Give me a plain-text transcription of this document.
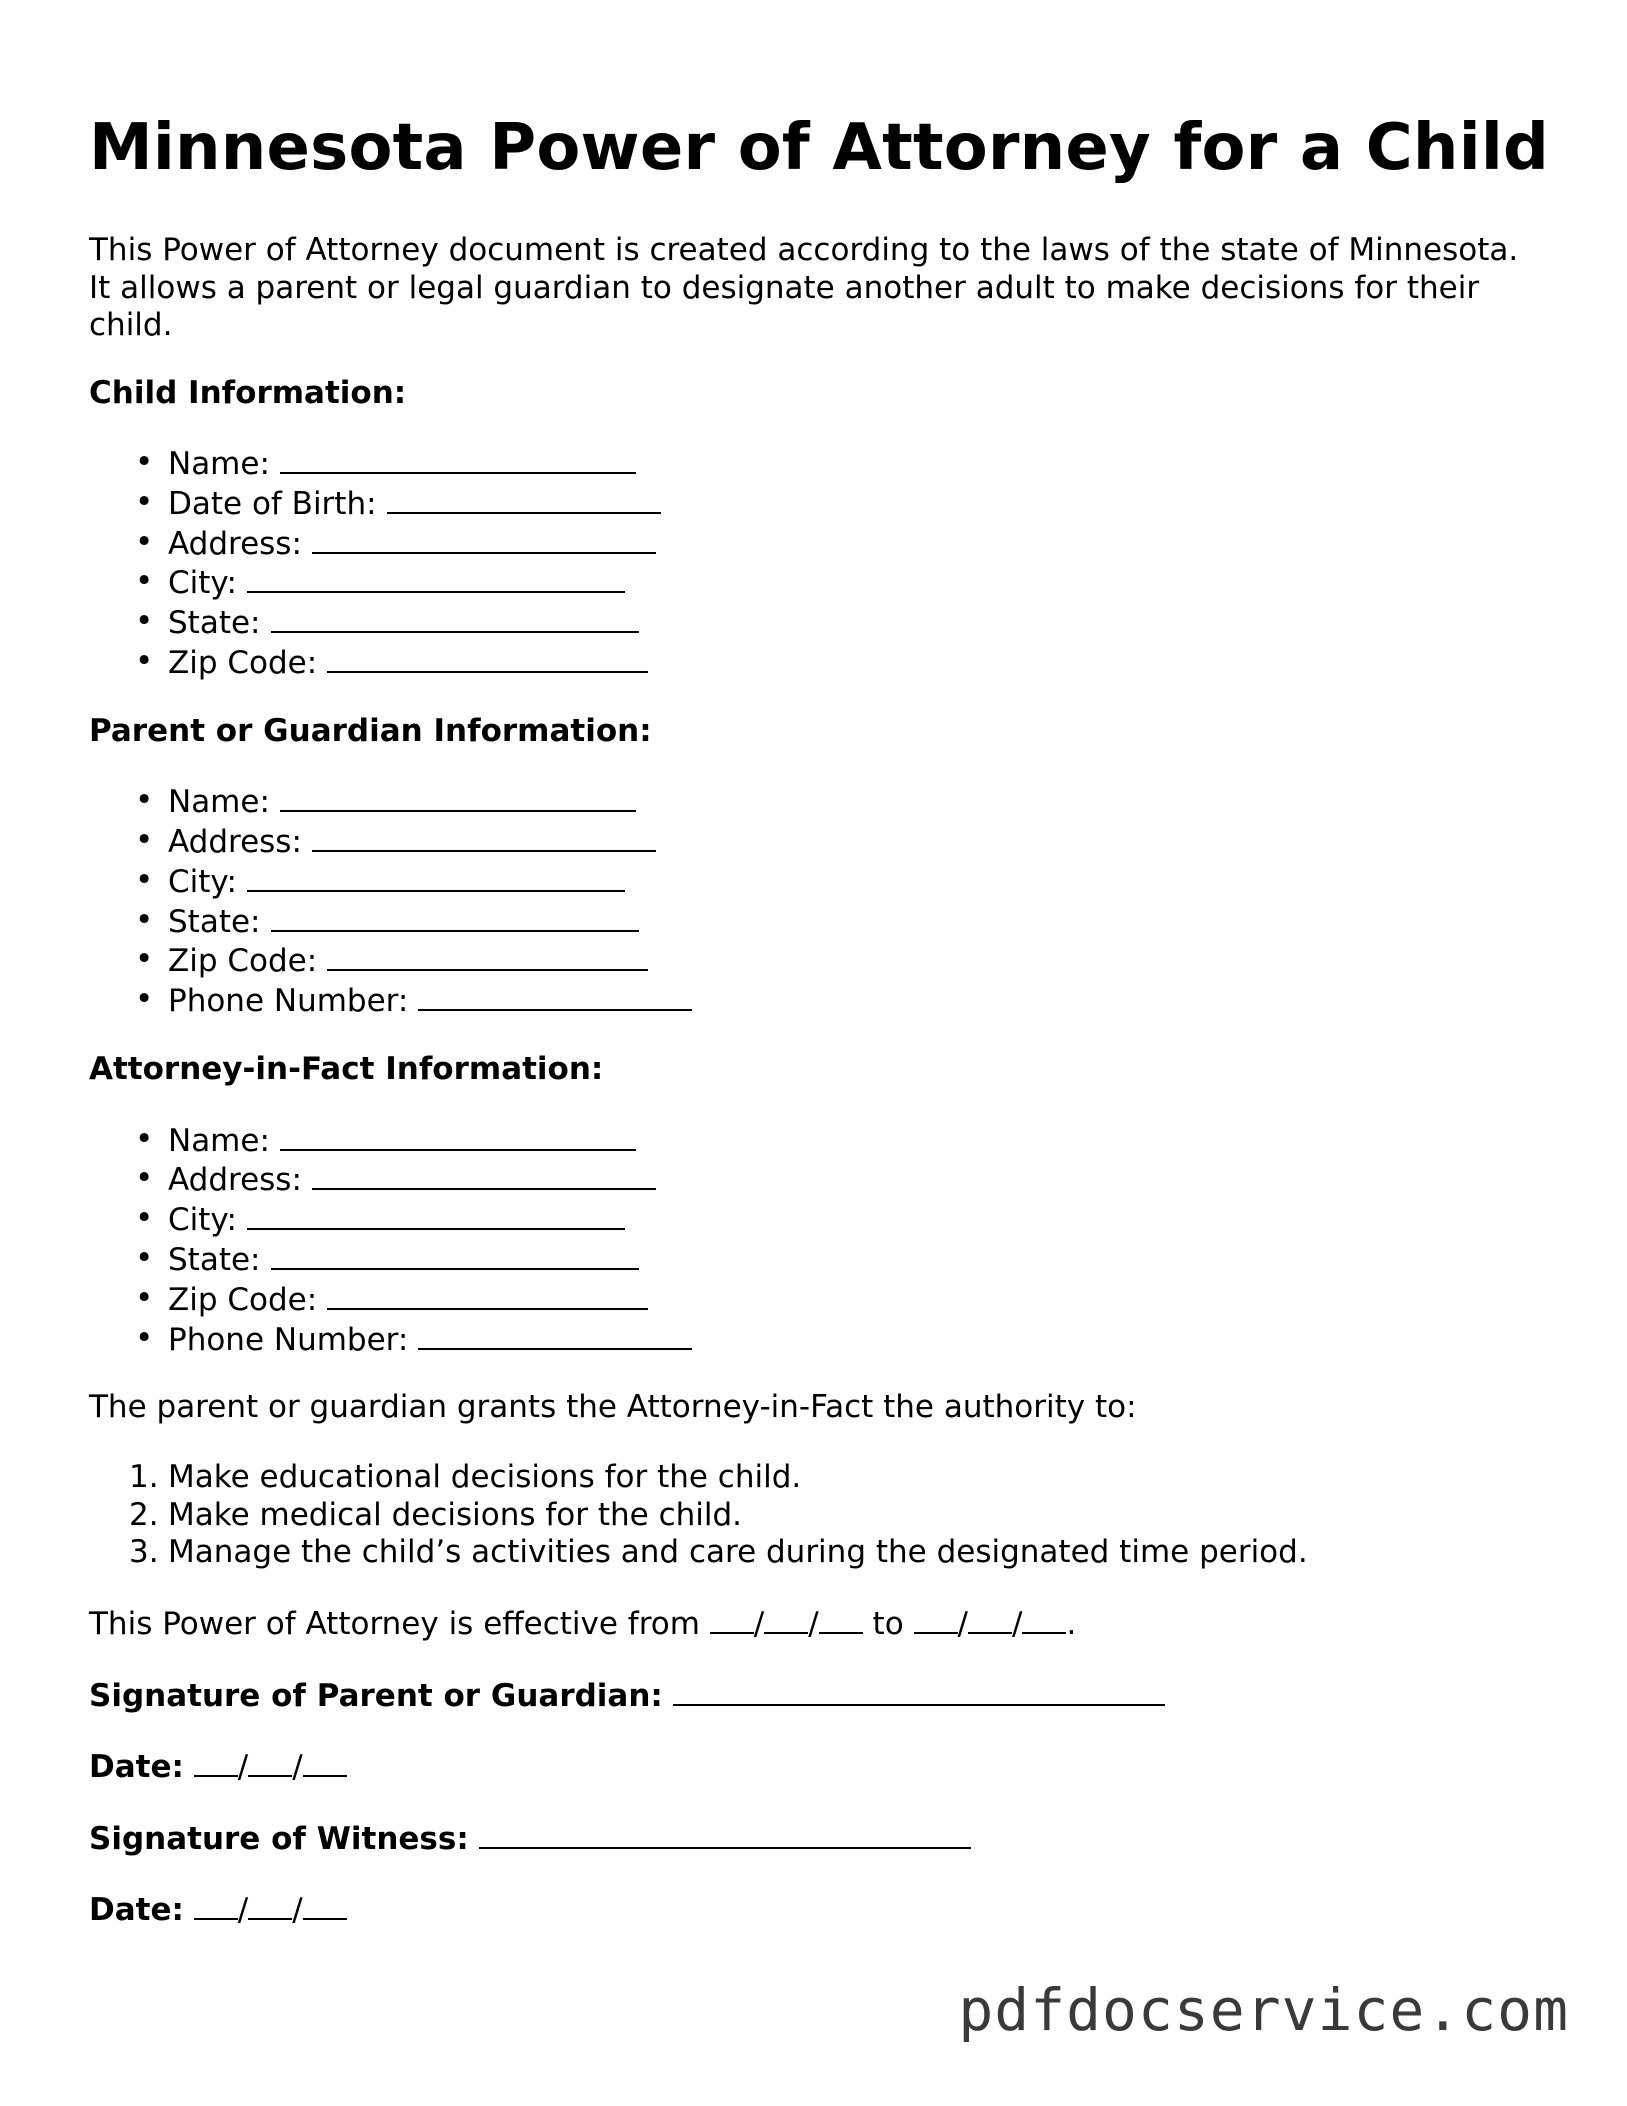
Minnesota Power of Attorney for a Child

This Power of Attorney document is created according to the laws of the state of Minnesota. It allows a parent or legal guardian to designate another adult to make decisions for their child.

Child Information:
• Name:
• Date of Birth:
• Address:
• City:
• State:
• Zip Code:
Parent or Guardian Information:
• Name:
• Address:
• City:
• State:
• Zip Code:
• Phone Number:
Attorney-in-Fact Information:
• Name:
• Address:
• City:
• State:
• Zip Code:
• Phone Number:

The parent or guardian grants the Attorney-in-Fact the authority to:

1. Make educational decisions for the child.
2. Make medical decisions for the child.
3. Manage the child’s activities and care during the designated time period.
This Power of Attorney is effective from / / to / / .
Signature of Parent or Guardian:
Date: / /
Signature of Witness:
Date: / /
pdfdocservice.com
